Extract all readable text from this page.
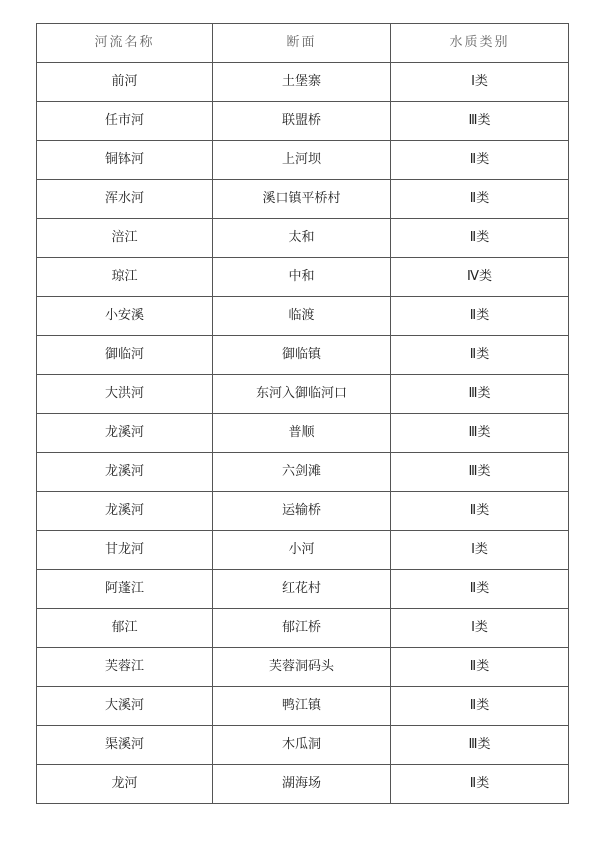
河流名称	断面	水质类别
前河	土堡寨	Ⅰ类
任市河	联盟桥	Ⅲ类
铜钵河	上河坝	Ⅱ类
浑水河	溪口镇平桥村	Ⅱ类
涪江	太和	Ⅱ类
琼江	中和	Ⅳ类
小安溪	临渡	Ⅱ类
御临河	御临镇	Ⅱ类
大洪河	东河入御临河口	Ⅲ类
龙溪河	普顺	Ⅲ类
龙溪河	六剑滩	Ⅲ类
龙溪河	运输桥	Ⅱ类
甘龙河	小河	Ⅰ类
阿蓬江	红花村	Ⅱ类
郁江	郁江桥	Ⅰ类
芙蓉江	芙蓉洞码头	Ⅱ类
大溪河	鸭江镇	Ⅱ类
渠溪河	木瓜洞	Ⅲ类
龙河	湖海场	Ⅱ类
